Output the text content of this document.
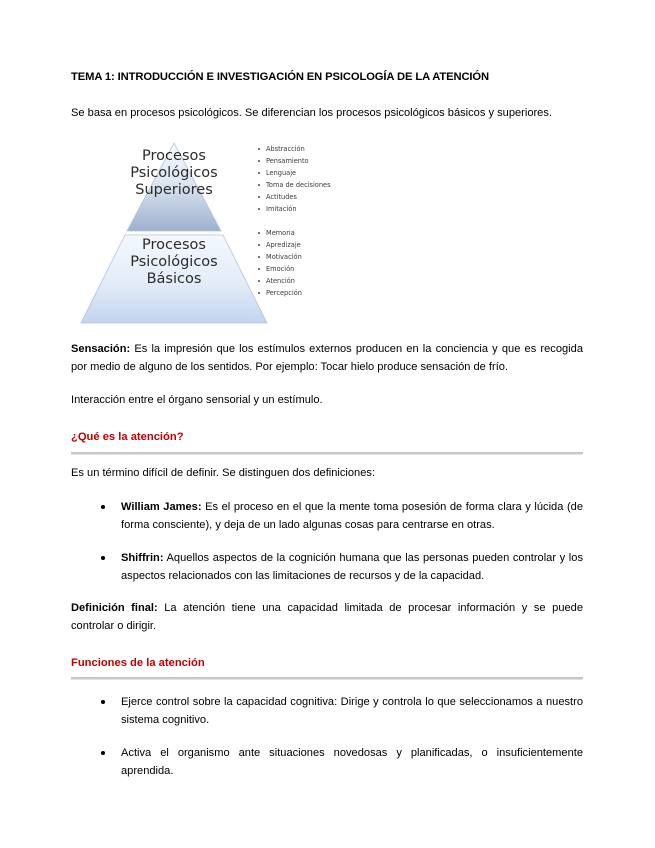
TEMA 1: INTRODUCCIÓN E INVESTIGACIÓN EN PSICOLOGÍA DE LA ATENCIÓN

Se basa en procesos psicológicos. Se diferencian los procesos psicológicos básicos y superiores.

Procesos
Psicológicos
Superiores
Procesos
Psicológicos
Básicos
Abstracción
Pensamiento
Lenguaje
Toma de decisiones
Actitudes
Imitación
Memoria
Apredizaje
Motivación
Emoción
Atención
Percepción

Sensación: Es la impresión que los estímulos externos producen en la conciencia y que es recogida por medio de alguno de los sentidos. Por ejemplo: Tocar hielo produce sensación de frío.

Interacción entre el órgano sensorial y un estímulo.

¿Qué es la atención?

Es un término difícil de definir. Se distinguen dos definiciones:

William James: Es el proceso en el que la mente toma posesión de forma clara y lúcida (de forma consciente), y deja de un lado algunas cosas para centrarse en otras.
Shiffrin: Aquellos aspectos de la cognición humana que las personas pueden controlar y los aspectos relacionados con las limitaciones de recursos y de la capacidad.

Definición final: La atención tiene una capacidad limitada de procesar información y se puede controlar o dirigir.

Funciones de la atención
Ejerce control sobre la capacidad cognitiva: Dirige y controla lo que seleccionamos a nuestro sistema cognitivo.
Activa el organismo ante situaciones novedosas y planificadas, o insuficientemente aprendida.
